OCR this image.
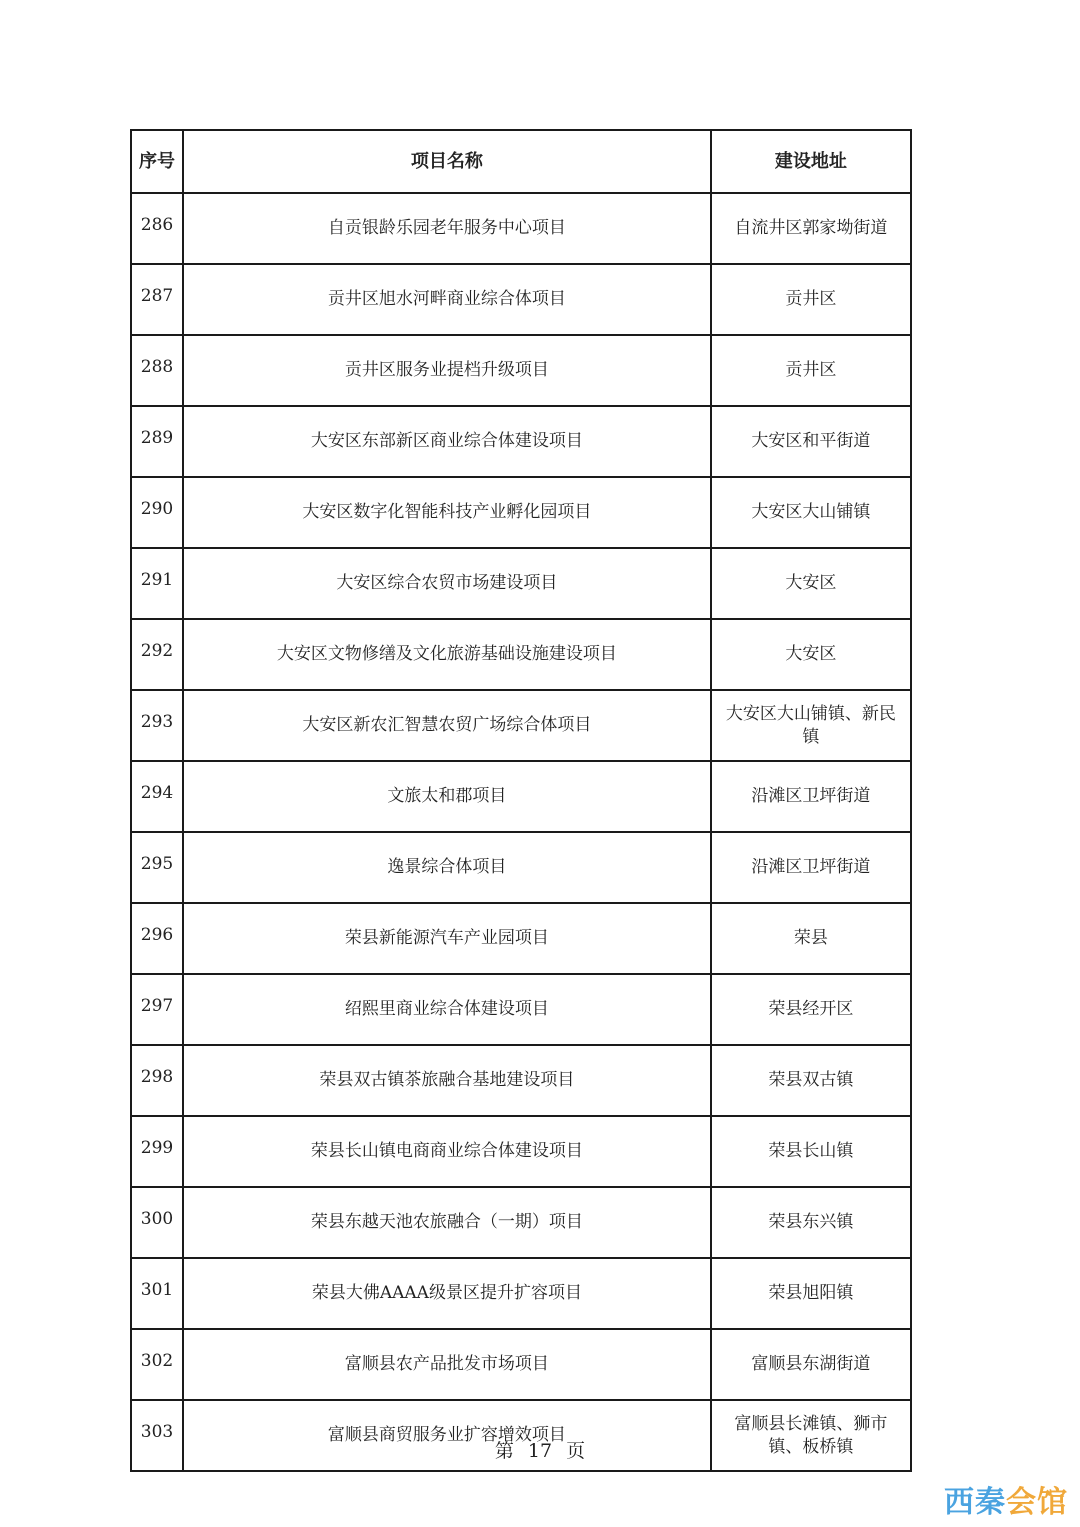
序号	项目名称	建设地址
286	自贡银龄乐园老年服务中心项目	自流井区郭家坳街道
287	贡井区旭水河畔商业综合体项目	贡井区
288	贡井区服务业提档升级项目	贡井区
289	大安区东部新区商业综合体建设项目	大安区和平街道
290	大安区数字化智能科技产业孵化园项目	大安区大山铺镇
291	大安区综合农贸市场建设项目	大安区
292	大安区文物修缮及文化旅游基础设施建设项目	大安区
293	大安区新农汇智慧农贸广场综合体项目	大安区大山铺镇、新民镇
294	文旅太和郡项目	沿滩区卫坪街道
295	逸景综合体项目	沿滩区卫坪街道
296	荣县新能源汽车产业园项目	荣县
297	绍熙里商业综合体建设项目	荣县经开区
298	荣县双古镇茶旅融合基地建设项目	荣县双古镇
299	荣县长山镇电商商业综合体建设项目	荣县长山镇
300	荣县东越天池农旅融合（一期）项目	荣县东兴镇
301	荣县大佛AAAA级景区提升扩容项目	荣县旭阳镇
302	富顺县农产品批发市场项目	富顺县东湖街道
303	富顺县商贸服务业扩容增效项目	富顺县长滩镇、狮市镇、板桥镇
第 17 页
西秦会馆
